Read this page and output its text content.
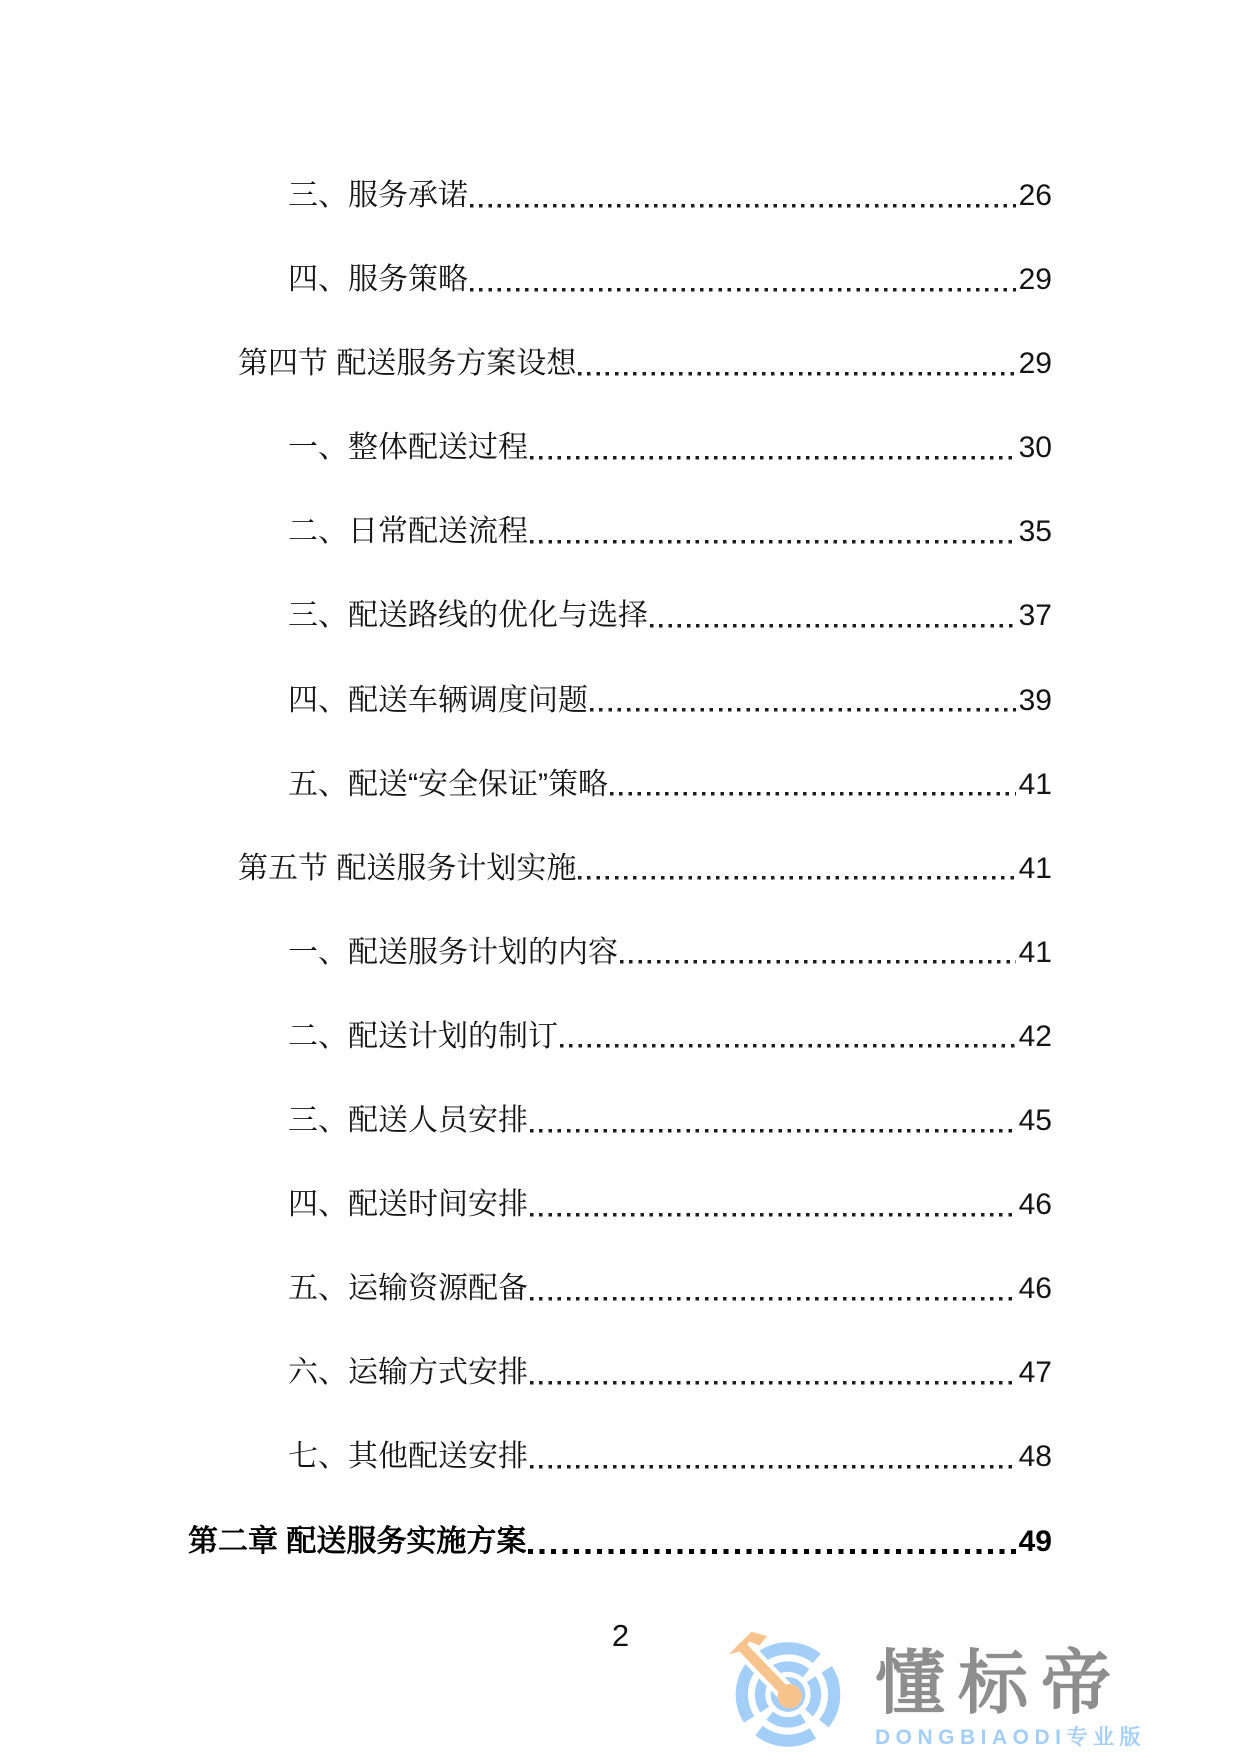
三、服务承诺	26
四、服务策略	29
第四节 配送服务方案设想	29
一、整体配送过程	30
二、日常配送流程	35
三、配送路线的优化与选择	37
四、配送车辆调度问题	39
五、配送“安全保证”策略	41
第五节 配送服务计划实施	41
一、配送服务计划的内容	41
二、配送计划的制订	42
三、配送人员安排	45
四、配送时间安排	46
五、运输资源配备	46
六、运输方式安排	47
七、其他配送安排	48
第二章 配送服务实施方案	49
2
懂标帝
DONGBIAODI专业版
